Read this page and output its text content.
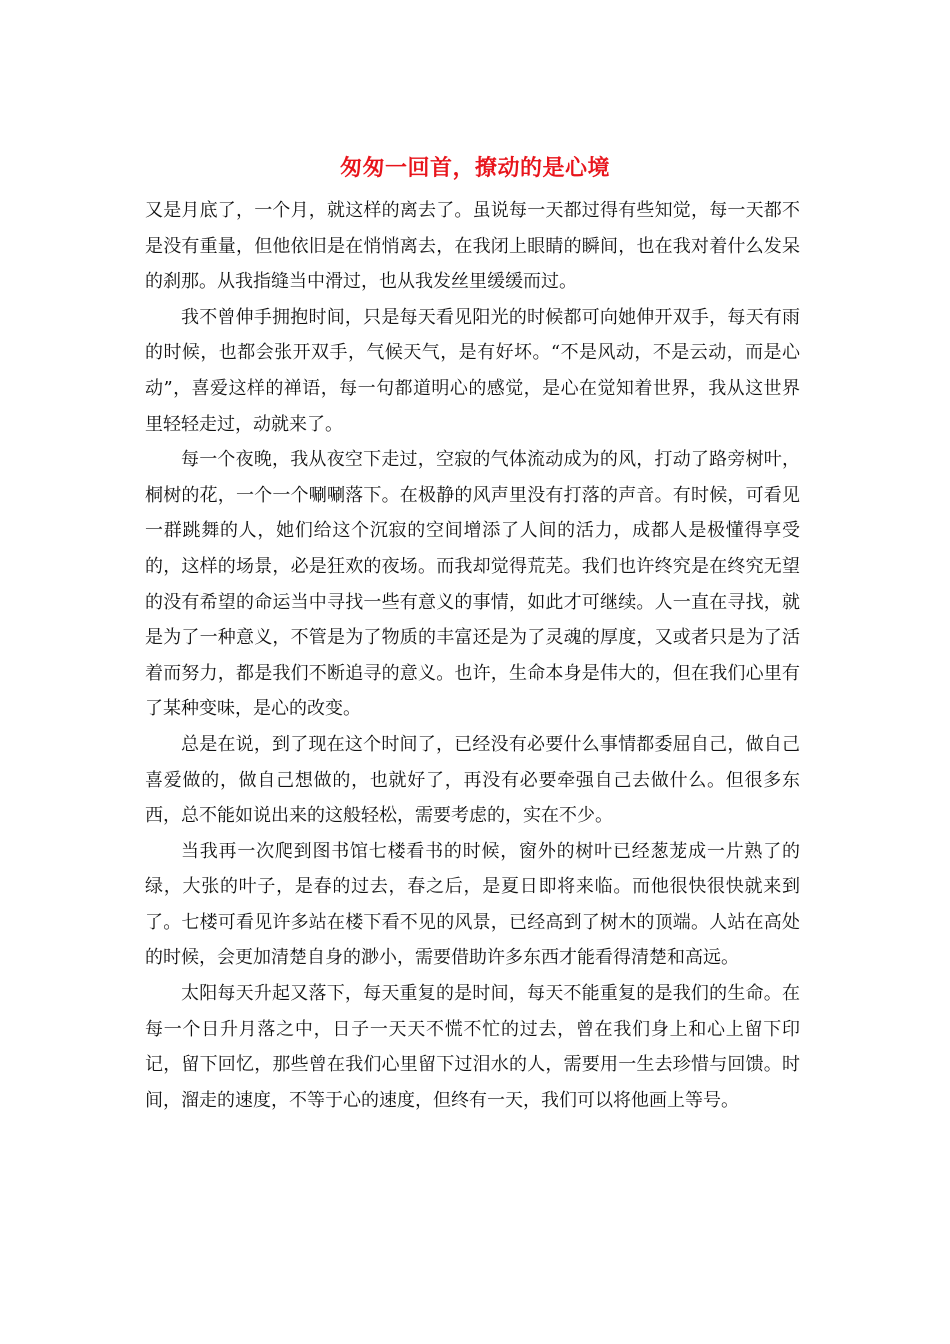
匆匆一回首，撩动的是心境

又是月底了，一个月，就这样的离去了。虽说每一天都过得有些知觉，每一天都不是没有重量，但他依旧是在悄悄离去，在我闭上眼睛的瞬间，也在我对着什么发呆的刹那。从我指缝当中滑过，也从我发丝里缓缓而过。

我不曾伸手拥抱时间，只是每天看见阳光的时候都可向她伸开双手，每天有雨的时候，也都会张开双手，气候天气，是有好坏。“不是风动，不是云动，而是心动”，喜爱这样的禅语，每一句都道明心的感觉，是心在觉知着世界，我从这世界里轻轻走过，动就来了。

每一个夜晚，我从夜空下走过，空寂的气体流动成为的风，打动了路旁树叶，桐树的花，一个一个唰唰落下。在极静的风声里没有打落的声音。有时候，可看见一群跳舞的人，她们给这个沉寂的空间增添了人间的活力，成都人是极懂得享受的，这样的场景，必是狂欢的夜场。而我却觉得荒芜。我们也许终究是在终究无望的没有希望的命运当中寻找一些有意义的事情，如此才可继续。人一直在寻找，就是为了一种意义，不管是为了物质的丰富还是为了灵魂的厚度，又或者只是为了活着而努力，都是我们不断追寻的意义。也许，生命本身是伟大的，但在我们心里有了某种变味，是心的改变。

总是在说，到了现在这个时间了，已经没有必要什么事情都委屈自己，做自己喜爱做的，做自己想做的，也就好了，再没有必要牵强自己去做什么。但很多东西，总不能如说出来的这般轻松，需要考虑的，实在不少。

当我再一次爬到图书馆七楼看书的时候，窗外的树叶已经葱茏成一片熟了的绿，大张的叶子，是春的过去，春之后，是夏日即将来临。而他很快很快就来到了。七楼可看见许多站在楼下看不见的风景，已经高到了树木的顶端。人站在高处的时候，会更加清楚自身的渺小，需要借助许多东西才能看得清楚和高远。

太阳每天升起又落下，每天重复的是时间，每天不能重复的是我们的生命。在每一个日升月落之中，日子一天天不慌不忙的过去，曾在我们身上和心上留下印记，留下回忆，那些曾在我们心里留下过泪水的人，需要用一生去珍惜与回馈。时间，溜走的速度，不等于心的速度，但终有一天，我们可以将他画上等号。
